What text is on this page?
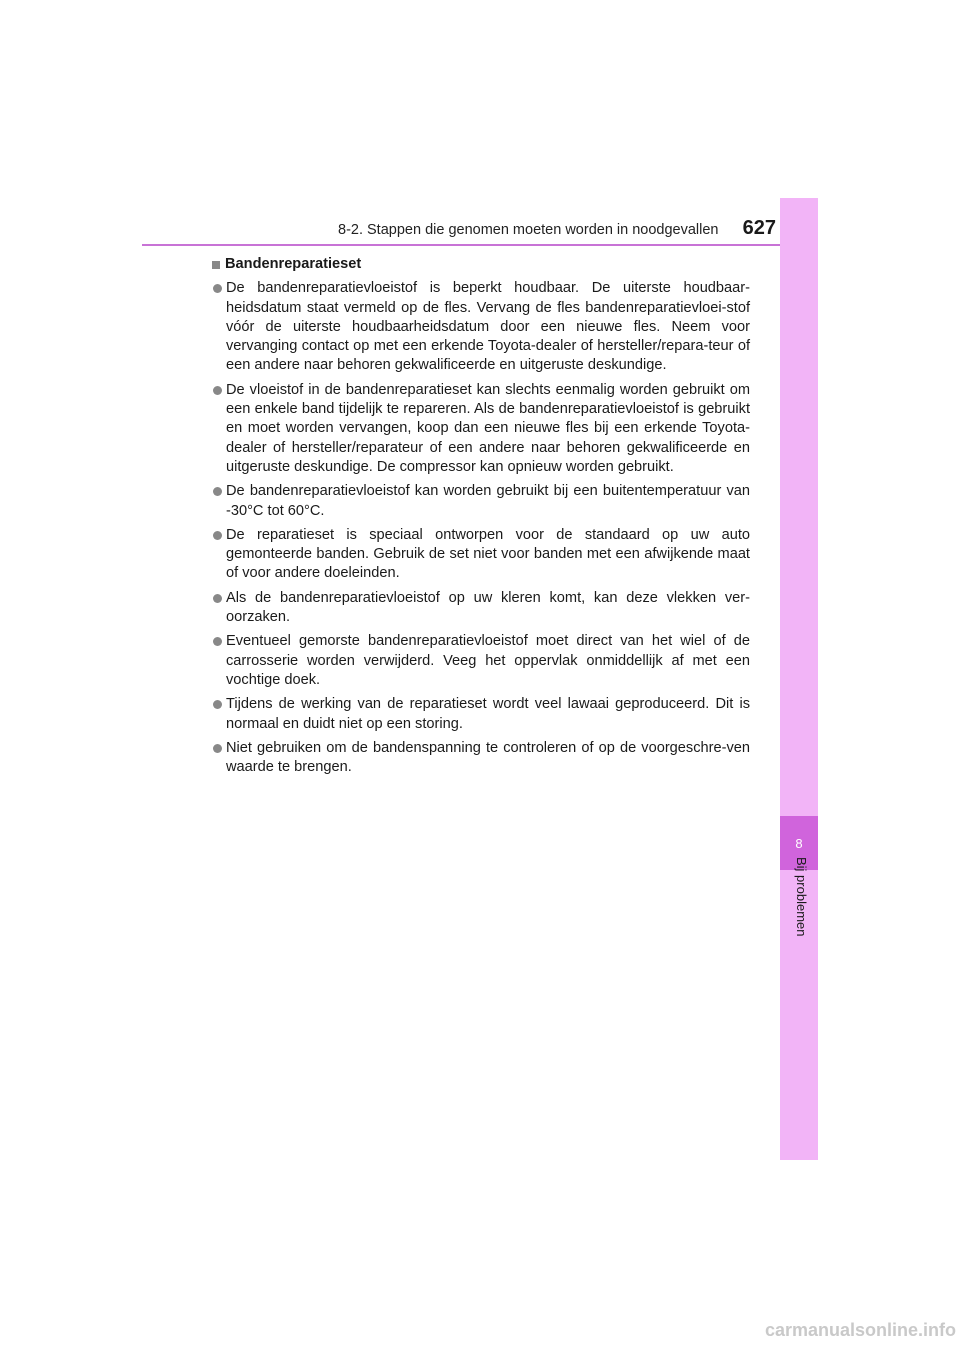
8-2. Stappen die genomen moeten worden in noodgevallen	627
8
Bij problemen
Bandenreparatieset
De bandenreparatievloeistof is beperkt houdbaar. De uiterste houdbaar-heidsdatum staat vermeld op de fles. Vervang de fles bandenreparatievloei-stof vóór de uiterste houdbaarheidsdatum door een nieuwe fles. Neem voor vervanging contact op met een erkende Toyota-dealer of hersteller/repara-teur of een andere naar behoren gekwalificeerde en uitgeruste deskundige.
De vloeistof in de bandenreparatieset kan slechts eenmalig worden gebruikt om een enkele band tijdelijk te repareren. Als de bandenreparatievloeistof is gebruikt en moet worden vervangen, koop dan een nieuwe fles bij een erkende Toyota-dealer of hersteller/reparateur of een andere naar behoren gekwalificeerde en uitgeruste deskundige. De compressor kan opnieuw worden gebruikt.
De bandenreparatievloeistof kan worden gebruikt bij een buitentemperatuur van -30°C tot 60°C.
De reparatieset is speciaal ontworpen voor de standaard op uw auto gemonteerde banden. Gebruik de set niet voor banden met een afwijkende maat of voor andere doeleinden.
Als de bandenreparatievloeistof op uw kleren komt, kan deze vlekken ver-oorzaken.
Eventueel gemorste bandenreparatievloeistof moet direct van het wiel of de carrosserie worden verwijderd. Veeg het oppervlak onmiddellijk af met een vochtige doek.
Tijdens de werking van de reparatieset wordt veel lawaai geproduceerd. Dit is normaal en duidt niet op een storing.
Niet gebruiken om de bandenspanning te controleren of op de voorgeschre-ven waarde te brengen.
carmanualsonline.info
